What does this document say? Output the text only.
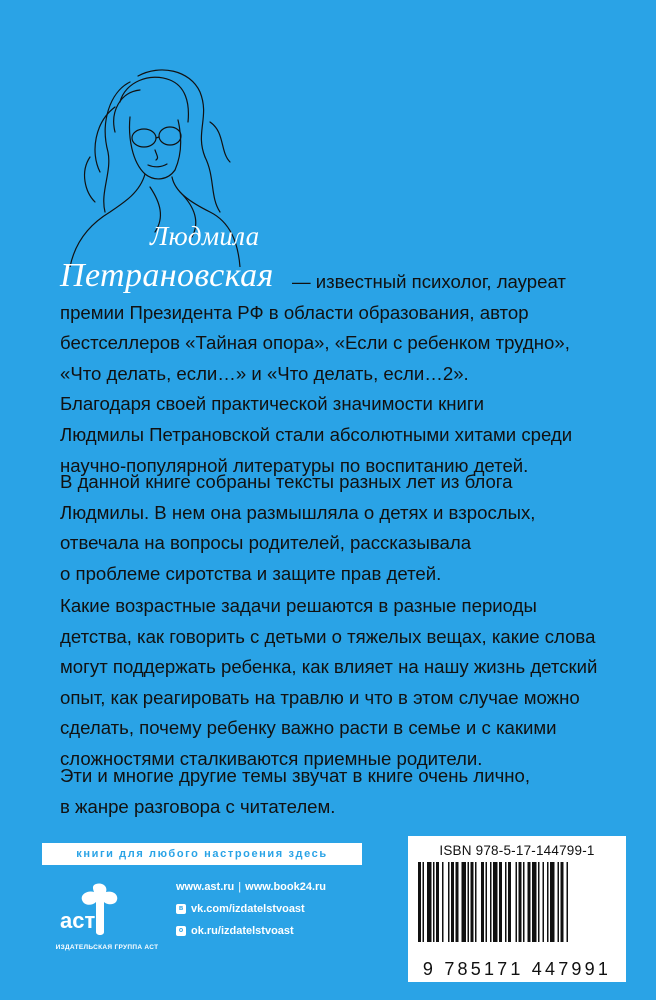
Людмила
Петрановская — известный психолог, лауреат
премии Президента РФ в области образования, автор
бестселлеров «Тайная опора», «Если с ребенком трудно»,
«Что делать, если…» и «Что делать, если…2».
Благодаря своей практической значимости книги
Людмилы Петрановской стали абсолютными хитами среди
научно-популярной литературы по воспитанию детей.
В данной книге собраны тексты разных лет из блога
Людмилы. В нем она размышляла о детях и взрослых,
отвечала на вопросы родителей, рассказывала
о проблеме сиротства и защите прав детей.
Какие возрастные задачи решаются в разные периоды
детства, как говорить с детьми о тяжелых вещах, какие слова
могут поддержать ребенка, как влияет на нашу жизнь детский
опыт, как реагировать на травлю и что в этом случае можно
сделать, почему ребенку важно расти в семье и с какими
сложностями сталкиваются приемные родители.
Эти и многие другие темы звучат в книге очень лично,
в жанре разговора с читателем.
книги для любого настроения здесь
аст
ИЗДАТЕЛЬСКАЯ ГРУППА АСТ
www.ast.ru | www.book24.ru
в vk.com/izdatelstvoast
о ok.ru/izdatelstvoast
ISBN 978-5-17-144799-1
9 785171 447991
